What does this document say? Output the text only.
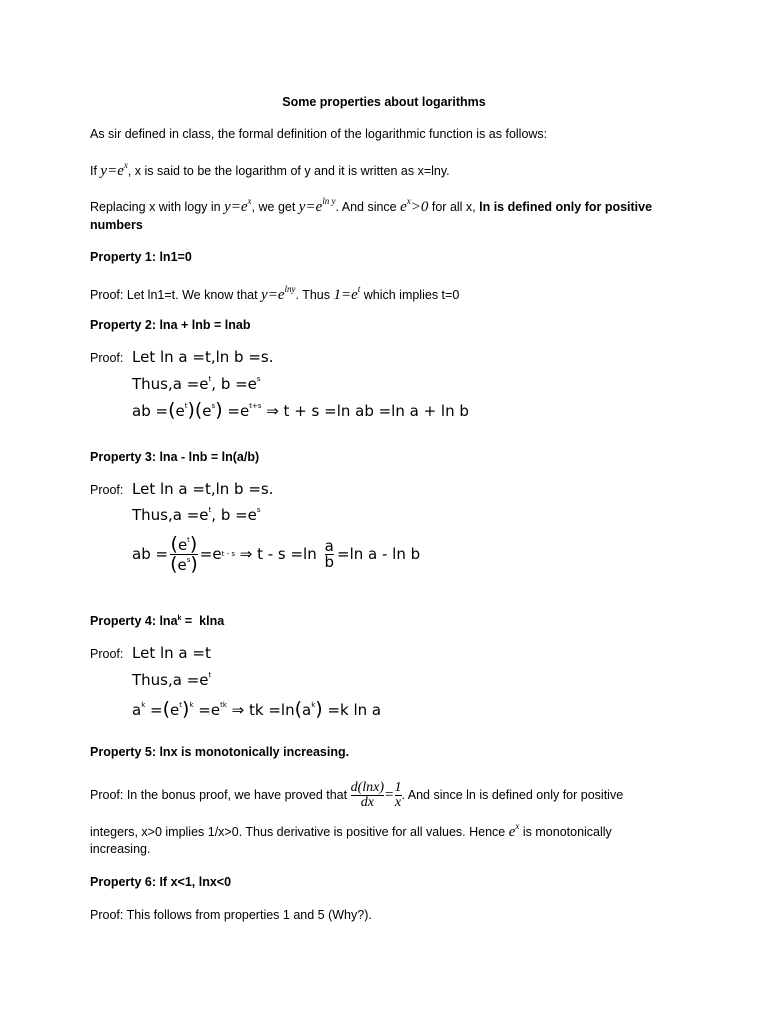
Some properties about logarithms
As sir defined in class, the formal definition of the logarithmic function is as follows:
If $y=e^x$, x is said to be the logarithm of y and it is written as x=lny.
Replacing x with logy in $y=e^x$, we get $y=e^{ln y}$. And since $e^x>0$ for all x, ln is defined only for positive
numbers
Property 1: ln1=0
Proof: Let ln1=t. We know that $y=e^{lny}$. Thus $1=e^t$ which implies t=0
Property 2: lna + lnb = lnab
Proof: Let ln a =t,ln b =s.
Thus,a $=e^t$, $b =e^s$
ab $=(e^t)(e^s) =e^{t+s}$ ⇒ t + s =ln ab =ln a + ln b
Property 3: lna - lnb = ln(a/b)
Proof: Let ln a =t,ln b =s.
Thus,a $=e^t$, $b =e^s$
ab = $\frac{(e^t)}{(e^s)} =e$ t - s ⇒ $t - s =\ln \frac{a}{b} =\ln$ a - ln b
Property 4: lna$^k$ =  klna
Proof: Let ln a =t
Thus,a $=e^t$
$a^k =(e^t)^k =e^{tk}$ ⇒ tk $=\ln(a^k) =k$ ln a
Property 5: lnx is monotonically increasing.
Proof: In the bonus proof, we have proved that $\frac{d(\ln x)}{dx} = \frac{1}{x}$ . And since ln is defined only for positive
integers, x>0 implies 1/x>0. Thus derivative is positive for all values. Hence $e^x$ is monotonically
increasing.
Property 6: If x<1, lnx<0
Proof: This follows from properties 1 and 5 (Why?).
